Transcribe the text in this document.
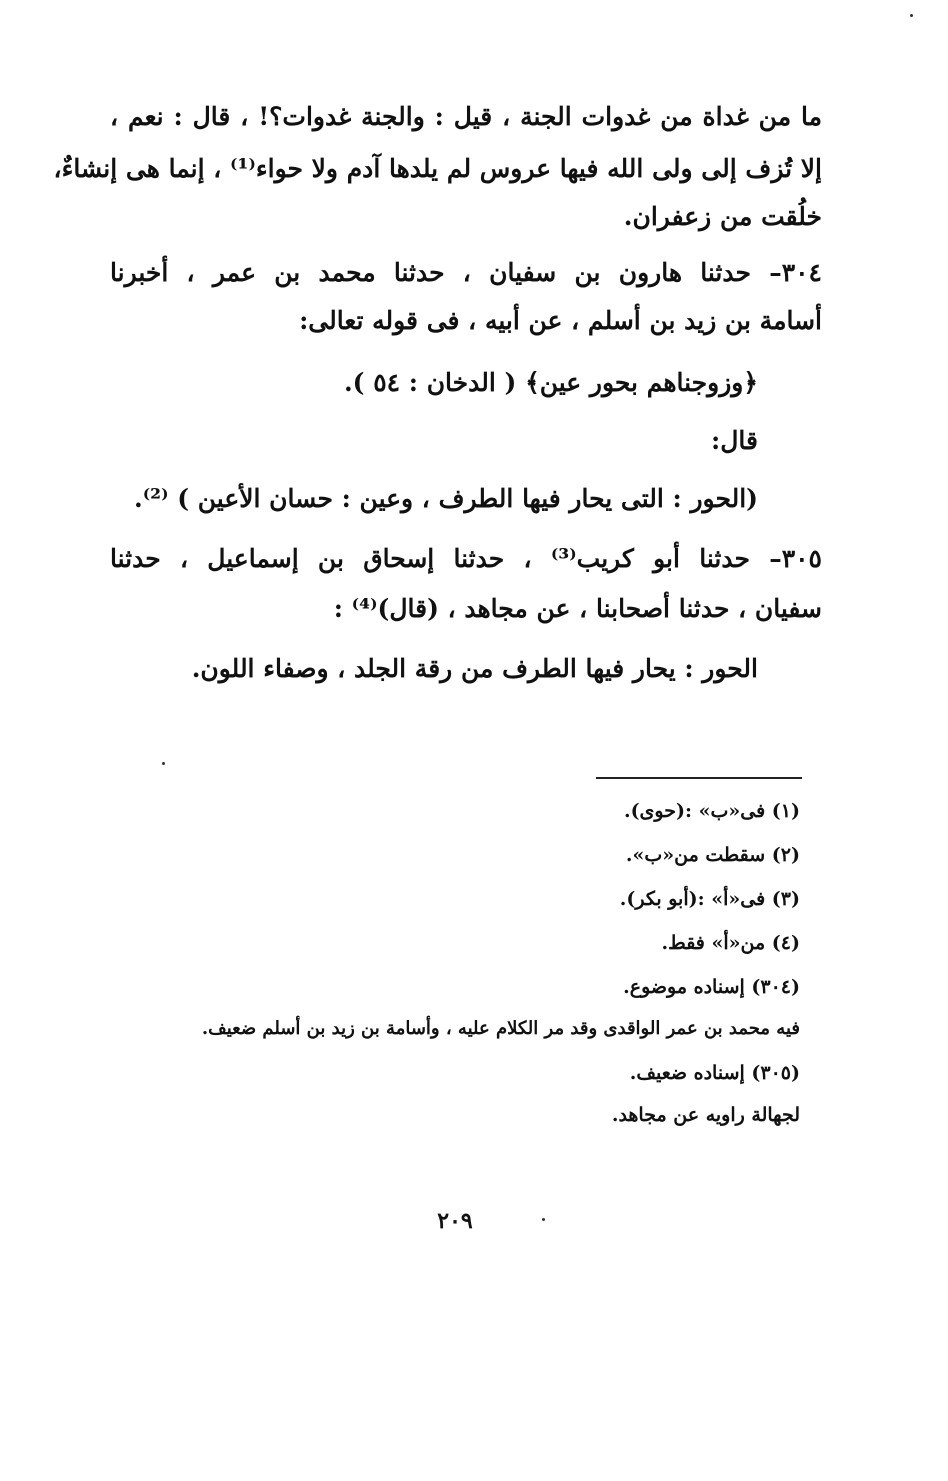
ما من غداة من غدوات الجنة ، قيل : والجنة غدوات؟! ، قال : نعم ،

إلا تُزف إلى ولى الله فيها عروس لم يلدها آدم ولا حواء⁽¹⁾ ، إنما هى إنشاءٌ،

خلُقت من زعفران.

٣٠٤– حدثنا هارون بن سفيان ، حدثنا محمد بن عمر ، أخبرنا

أسامة بن زيد بن أسلم ، عن أبيه ، فى قوله تعالى:

﴿وزوجناهم بحور عين﴾ ( الدخان : ٥٤ ).

قال:

(الحور : التى يحار فيها الطرف ، وعين : حسان الأعين ) ⁽²⁾.

٣٠٥– حدثنا أبو كريب⁽³⁾ ، حدثنا إسحاق بن إسماعيل ، حدثنا

سفيان ، حدثنا أصحابنا ، عن مجاهد ، (قال)⁽⁴⁾ :

الحور : يحار فيها الطرف من رقة الجلد ، وصفاء اللون.

(١) فى«ب» :(حوى).

(٢) سقطت من«ب».

(٣) فى«أ» :(أبو بكر).

(٤) من«أ» فقط.

(٣٠٤) إسناده موضوع.

فيه محمد بن عمر الواقدى وقد مر الكلام عليه ، وأسامة بن زيد بن أسلم ضعيف.

(٣٠٥) إسناده ضعيف.

لجهالة راويه عن مجاهد.

٢٠٩
